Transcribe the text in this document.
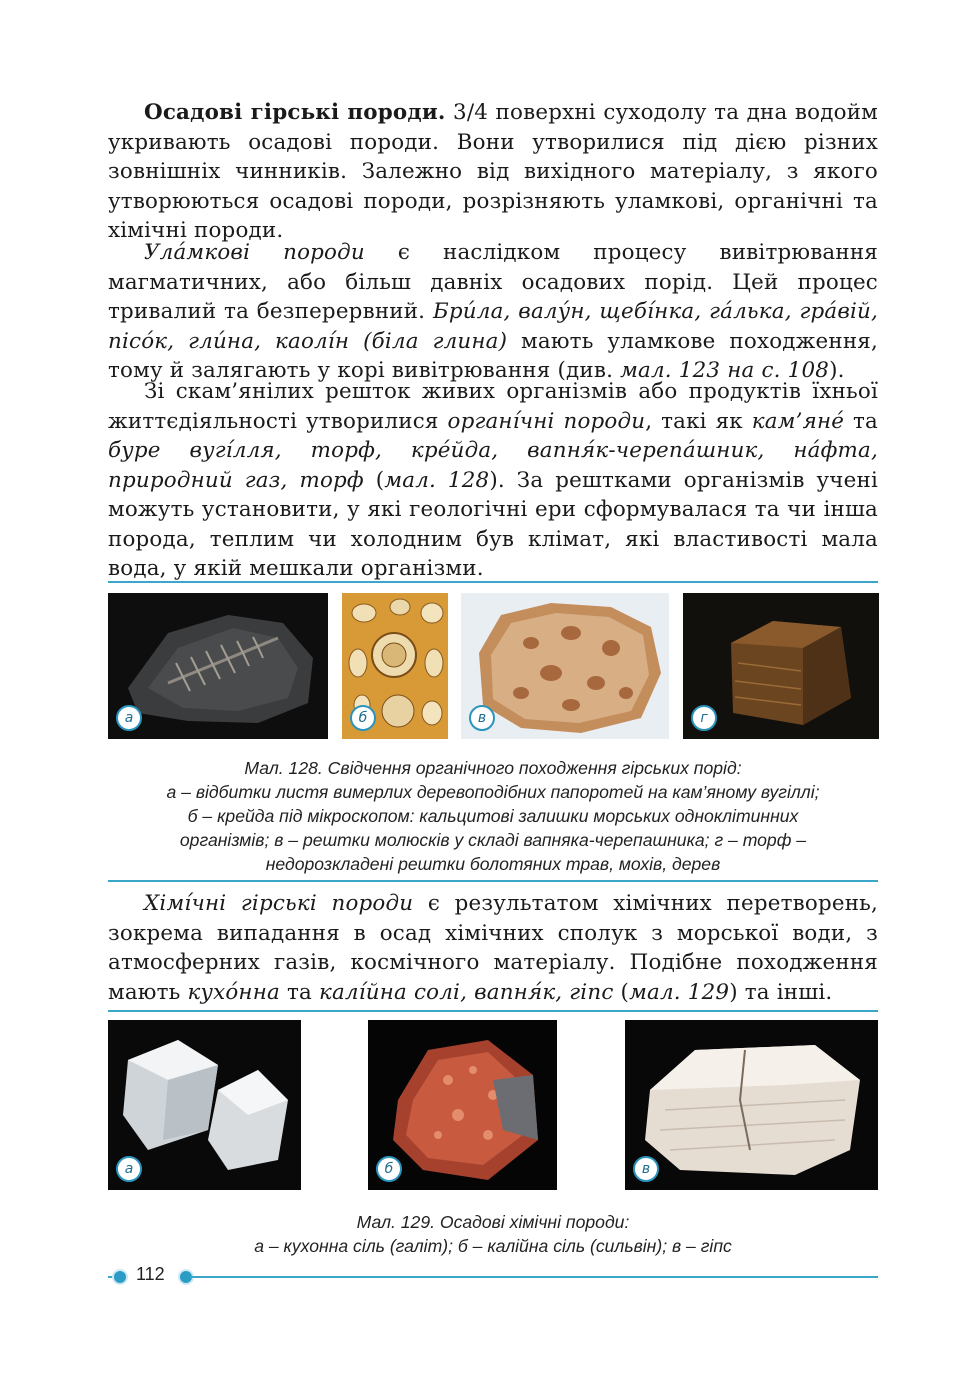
Осадові гірські породи. 3/4 поверхні суходолу та дна водойм укривають осадові породи. Вони утворилися під дією різних зовнішніх чинників. Залежно від вихідного матеріалу, з якого утворюються осадові породи, розрізняють уламкові, органічні та хімічні породи.

Ула́мкові породи є наслідком процесу вивітрювання магматичних, або більш давніх осадових порід. Цей процес тривалий та безперервний. Бри́ла, валу́н, щебі́нка, га́лька, гра́вій, пісо́к, гли́на, каолі́н (біла глина) мають уламкове походження, тому й залягають у корі вивітрювання (див. мал. 123 на с. 108).

Зі скам’янілих решток живих організмів або продуктів їхньої життєдіяльності утворилися органі́чні породи, такі як кам’яне́ та буре вугі́лля, торф, кре́йда, вапня́к-черепа́шник, на́фта, природний газ, торф (мал. 128). За рештками організмів учені можуть установити, у які геологічні ери сформувалася та чи інша порода, теплим чи холодним був клімат, які властивості мала вода, у якій мешкали організми.

а	б	в	г
Мал. 128. Свідчення органічного походження гірських порід:
а – відбитки листя вимерлих деревоподібних папоротей на кам’яному вугіллі;
б – крейда під мікроскопом: кальцитові залишки морських одноклітинних
організмів; в – рештки молюсків у складі вапняка-черепашника; г – торф –
недорозкладені рештки болотяних трав, мохів, дерев

Хімі́чні гірські породи є результатом хімічних перетворень, зокрема випадання в осад хімічних сполук з морської води, з атмосферних газів, космічного матеріалу. Подібне походження мають кухо́нна та калі́йна солі, вапня́к, гіпс (мал. 129) та інші.

а	б	в
Мал. 129. Осадові хімічні породи:
а – кухонна сіль (галіт); б – калійна сіль (сильвін); в – гіпс
112
